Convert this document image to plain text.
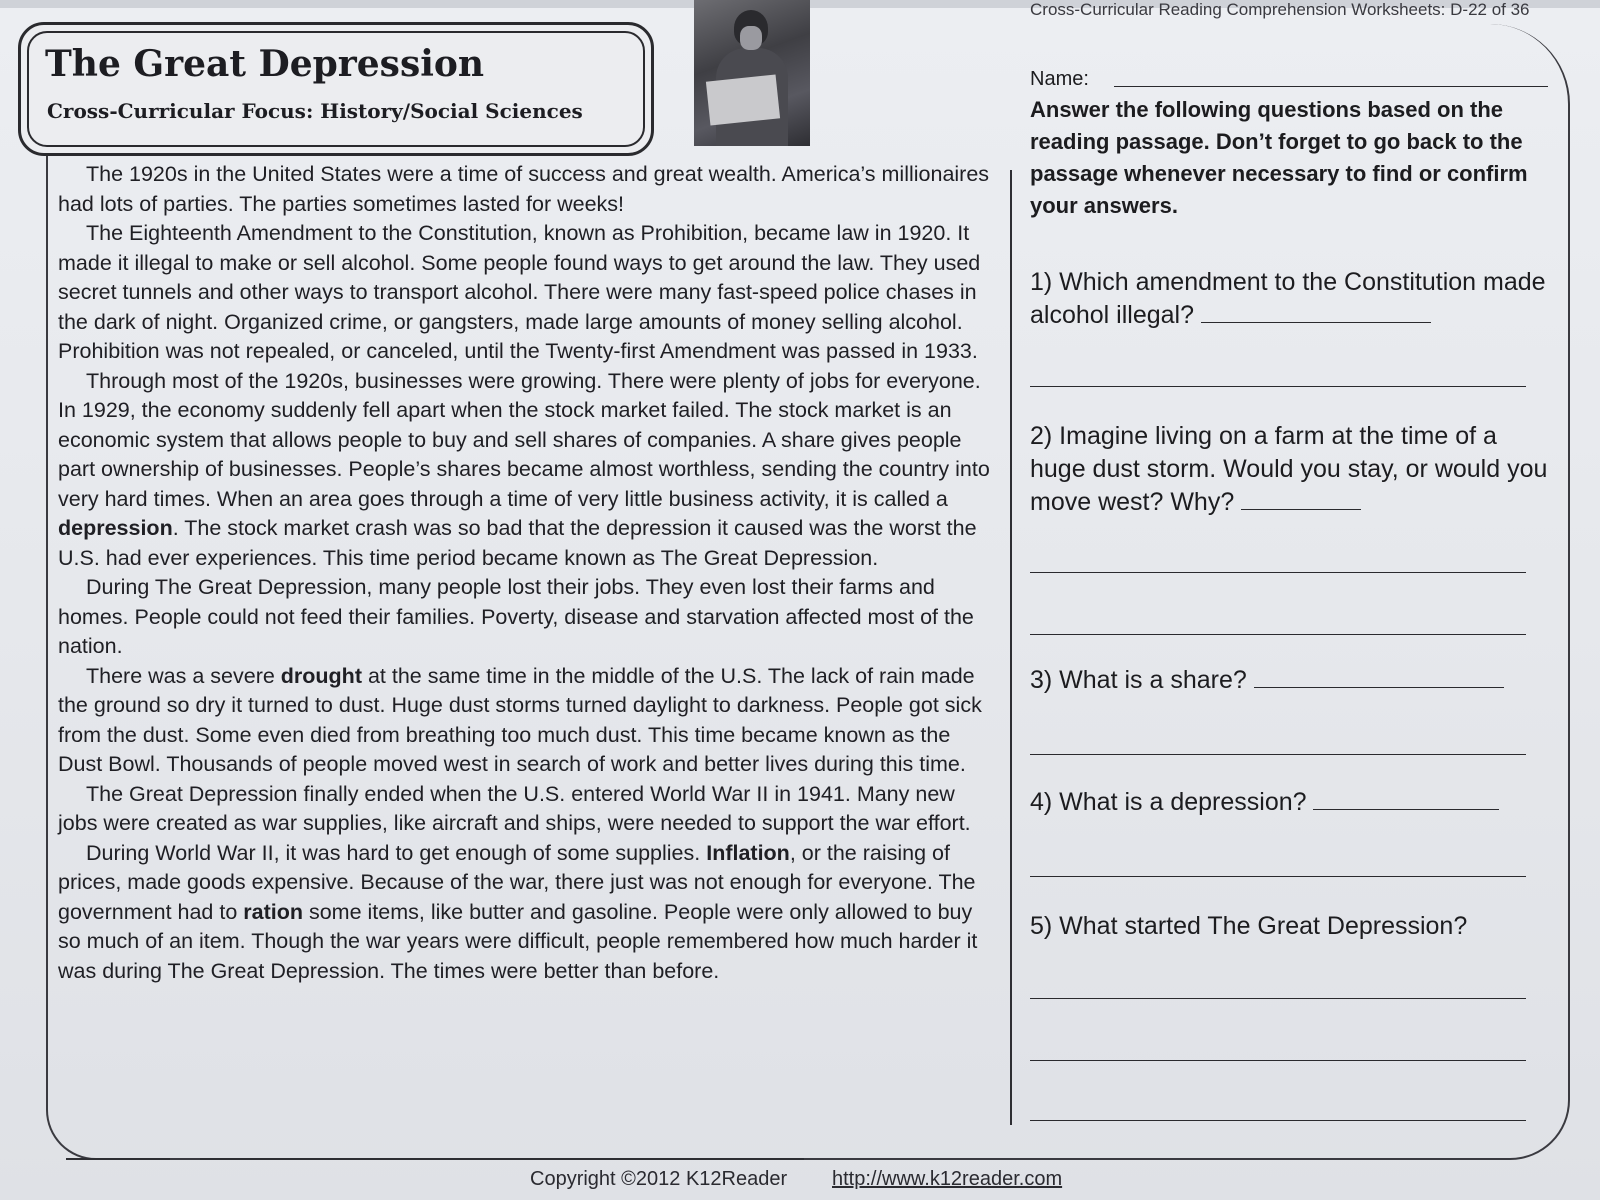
Cross-Curricular Reading Comprehension Worksheets: D-22 of 36
The Great Depression
Cross-Curricular Focus: History/Social Sciences

The 1920s in the United States were a time of success and great wealth. America’s millionaires had lots of parties. The parties sometimes lasted for weeks!

The Eighteenth Amendment to the Constitution, known as Prohibition, became law in 1920. It made it illegal to make or sell alcohol. Some people found ways to get around the law. They used secret tunnels and other ways to transport alcohol. There were many fast-speed police chases in the dark of night. Organized crime, or gangsters, made large amounts of money selling alcohol. Prohibition was not repealed, or canceled, until the Twenty-first Amendment was passed in 1933.

Through most of the 1920s, businesses were growing. There were plenty of jobs for everyone. In 1929, the economy suddenly fell apart when the stock market failed. The stock market is an economic system that allows people to buy and sell shares of companies. A share gives people part ownership of businesses. People’s shares became almost worthless, sending the country into very hard times. When an area goes through a time of very little business activity, it is called a depression. The stock market crash was so bad that the depression it caused was the worst the U.S. had ever experiences. This time period became known as The Great Depression.

During The Great Depression, many people lost their jobs. They even lost their farms and homes. People could not feed their families. Poverty, disease and starvation affected most of the nation.

There was a severe drought at the same time in the middle of the U.S. The lack of rain made the ground so dry it turned to dust. Huge dust storms turned daylight to darkness. People got sick from the dust. Some even died from breathing too much dust. This time became known as the Dust Bowl. Thousands of people moved west in search of work and better lives during this time.

The Great Depression finally ended when the U.S. entered World War II in 1941. Many new jobs were created as war supplies, like aircraft and ships, were needed to support the war effort.

During World War II, it was hard to get enough of some supplies. Inflation, or the raising of prices, made goods expensive. Because of the war, there just was not enough for everyone. The government had to ration some items, like butter and gasoline. People were only allowed to buy so much of an item. Though the war years were difficult, people remembered how much harder it was during The Great Depression. The times were better than before.

Name:
Answer the following questions based on the reading passage. Don’t forget to go back to the passage whenever necessary to find or confirm your answers.
1) Which amendment to the Constitution made alcohol illegal?
2) Imagine living on a farm at the time of a huge dust storm. Would you stay, or would you move west? Why?
3) What is a share?
4) What is a depression?
5) What started The Great Depression?
Copyright ©2012 K12Reader http://www.k12reader.com
